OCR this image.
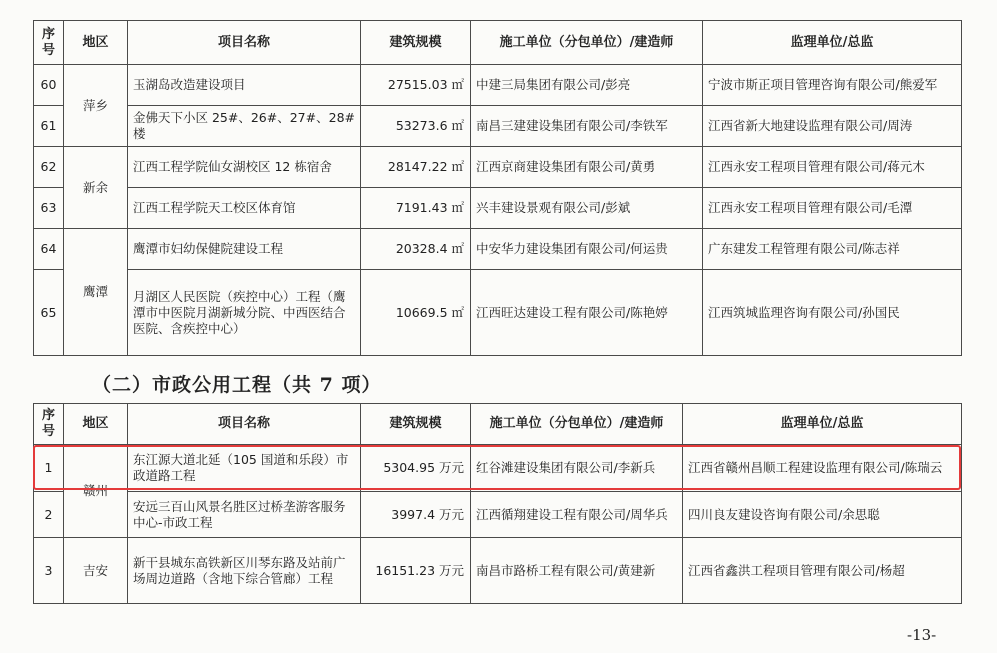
序号	地区	项目名称	建筑规模	施工单位（分包单位）/建造师	监理单位/总监
60	萍乡	玉湖岛改造建设项目	27515.03 ㎡	中建三局集团有限公司/彭亮	宁波市斯正项目管理咨询有限公司/熊爱军
61		金佛天下小区 25#、26#、27#、28#楼	53273.6 ㎡	南昌三建建设集团有限公司/李铁军	江西省新大地建设监理有限公司/周涛
62	新余	江西工程学院仙女湖校区 12 栋宿舍	28147.22 ㎡	江西京商建设集团有限公司/黄勇	江西永安工程项目管理有限公司/蒋元木
63		江西工程学院天工校区体育馆	7191.43 ㎡	兴丰建设景观有限公司/彭斌	江西永安工程项目管理有限公司/毛潭
64	鹰潭	鹰潭市妇幼保健院建设工程	20328.4 ㎡	中安华力建设集团有限公司/何运贵	广东建发工程管理有限公司/陈志祥
65		月湖区人民医院（疾控中心）工程（鹰潭市中医院月湖新城分院、中西医结合医院、含疾控中心）	10669.5 ㎡	江西旺达建设工程有限公司/陈艳婷	江西筑城监理咨询有限公司/孙国民
（二）市政公用工程（共 7 项）
序号	地区	项目名称	建筑规模	施工单位（分包单位）/建造师	监理单位/总监
1	赣州	东江源大道北延（105 国道和乐段）市政道路工程	5304.95 万元	红谷滩建设集团有限公司/李新兵	江西省赣州昌顺工程建设监理有限公司/陈瑞云
2		安远三百山风景名胜区过桥垄游客服务中心-市政工程	3997.4 万元	江西循翔建设工程有限公司/周华兵	四川良友建设咨询有限公司/余思聪
3	吉安	新干县城东高铁新区川琴东路及站前广场周边道路（含地下综合管廊）工程	16151.23 万元	南昌市路桥工程有限公司/黄建新	江西省鑫洪工程项目管理有限公司/杨超
-13-
